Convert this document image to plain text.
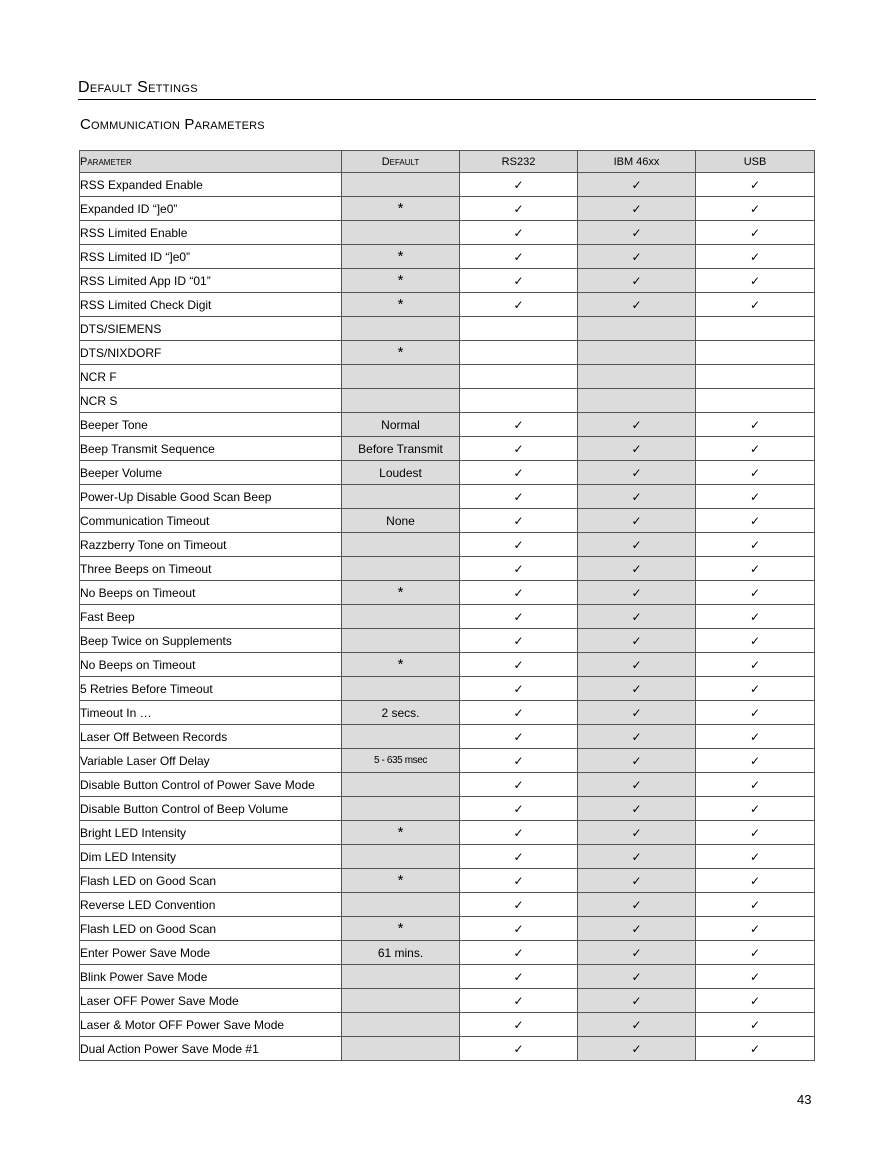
Default Settings
Communication Parameters
Parameter	Default	RS232	IBM 46xx	USB
RSS Expanded Enable		✓	✓	✓
Expanded ID “]e0”	*	✓	✓	✓
RSS Limited Enable		✓	✓	✓
RSS Limited ID “]e0”	*	✓	✓	✓
RSS Limited App ID “01”	*	✓	✓	✓
RSS Limited Check Digit	*	✓	✓	✓
DTS/SIEMENS				
DTS/NIXDORF	*			
NCR F				
NCR S				
Beeper Tone	Normal	✓	✓	✓
Beep Transmit Sequence	Before Transmit	✓	✓	✓
Beeper Volume	Loudest	✓	✓	✓
Power-Up Disable Good Scan Beep		✓	✓	✓
Communication Timeout	None	✓	✓	✓
Razzberry Tone on Timeout		✓	✓	✓
Three Beeps on Timeout		✓	✓	✓
No Beeps on Timeout	*	✓	✓	✓
Fast Beep		✓	✓	✓
Beep Twice on Supplements		✓	✓	✓
No Beeps on Timeout	*	✓	✓	✓
5 Retries Before Timeout		✓	✓	✓
Timeout In …	2 secs.	✓	✓	✓
Laser Off Between Records		✓	✓	✓
Variable Laser Off Delay	5 - 635 msec	✓	✓	✓
Disable Button Control of Power Save Mode		✓	✓	✓
Disable Button Control of Beep Volume		✓	✓	✓
Bright LED Intensity	*	✓	✓	✓
Dim LED Intensity		✓	✓	✓
Flash LED on Good Scan	*	✓	✓	✓
Reverse LED Convention		✓	✓	✓
Flash LED on Good Scan	*	✓	✓	✓
Enter Power Save Mode	61 mins.	✓	✓	✓
Blink Power Save Mode		✓	✓	✓
Laser OFF Power Save Mode		✓	✓	✓
Laser & Motor OFF Power Save Mode		✓	✓	✓
Dual Action Power Save Mode #1		✓	✓	✓
43
